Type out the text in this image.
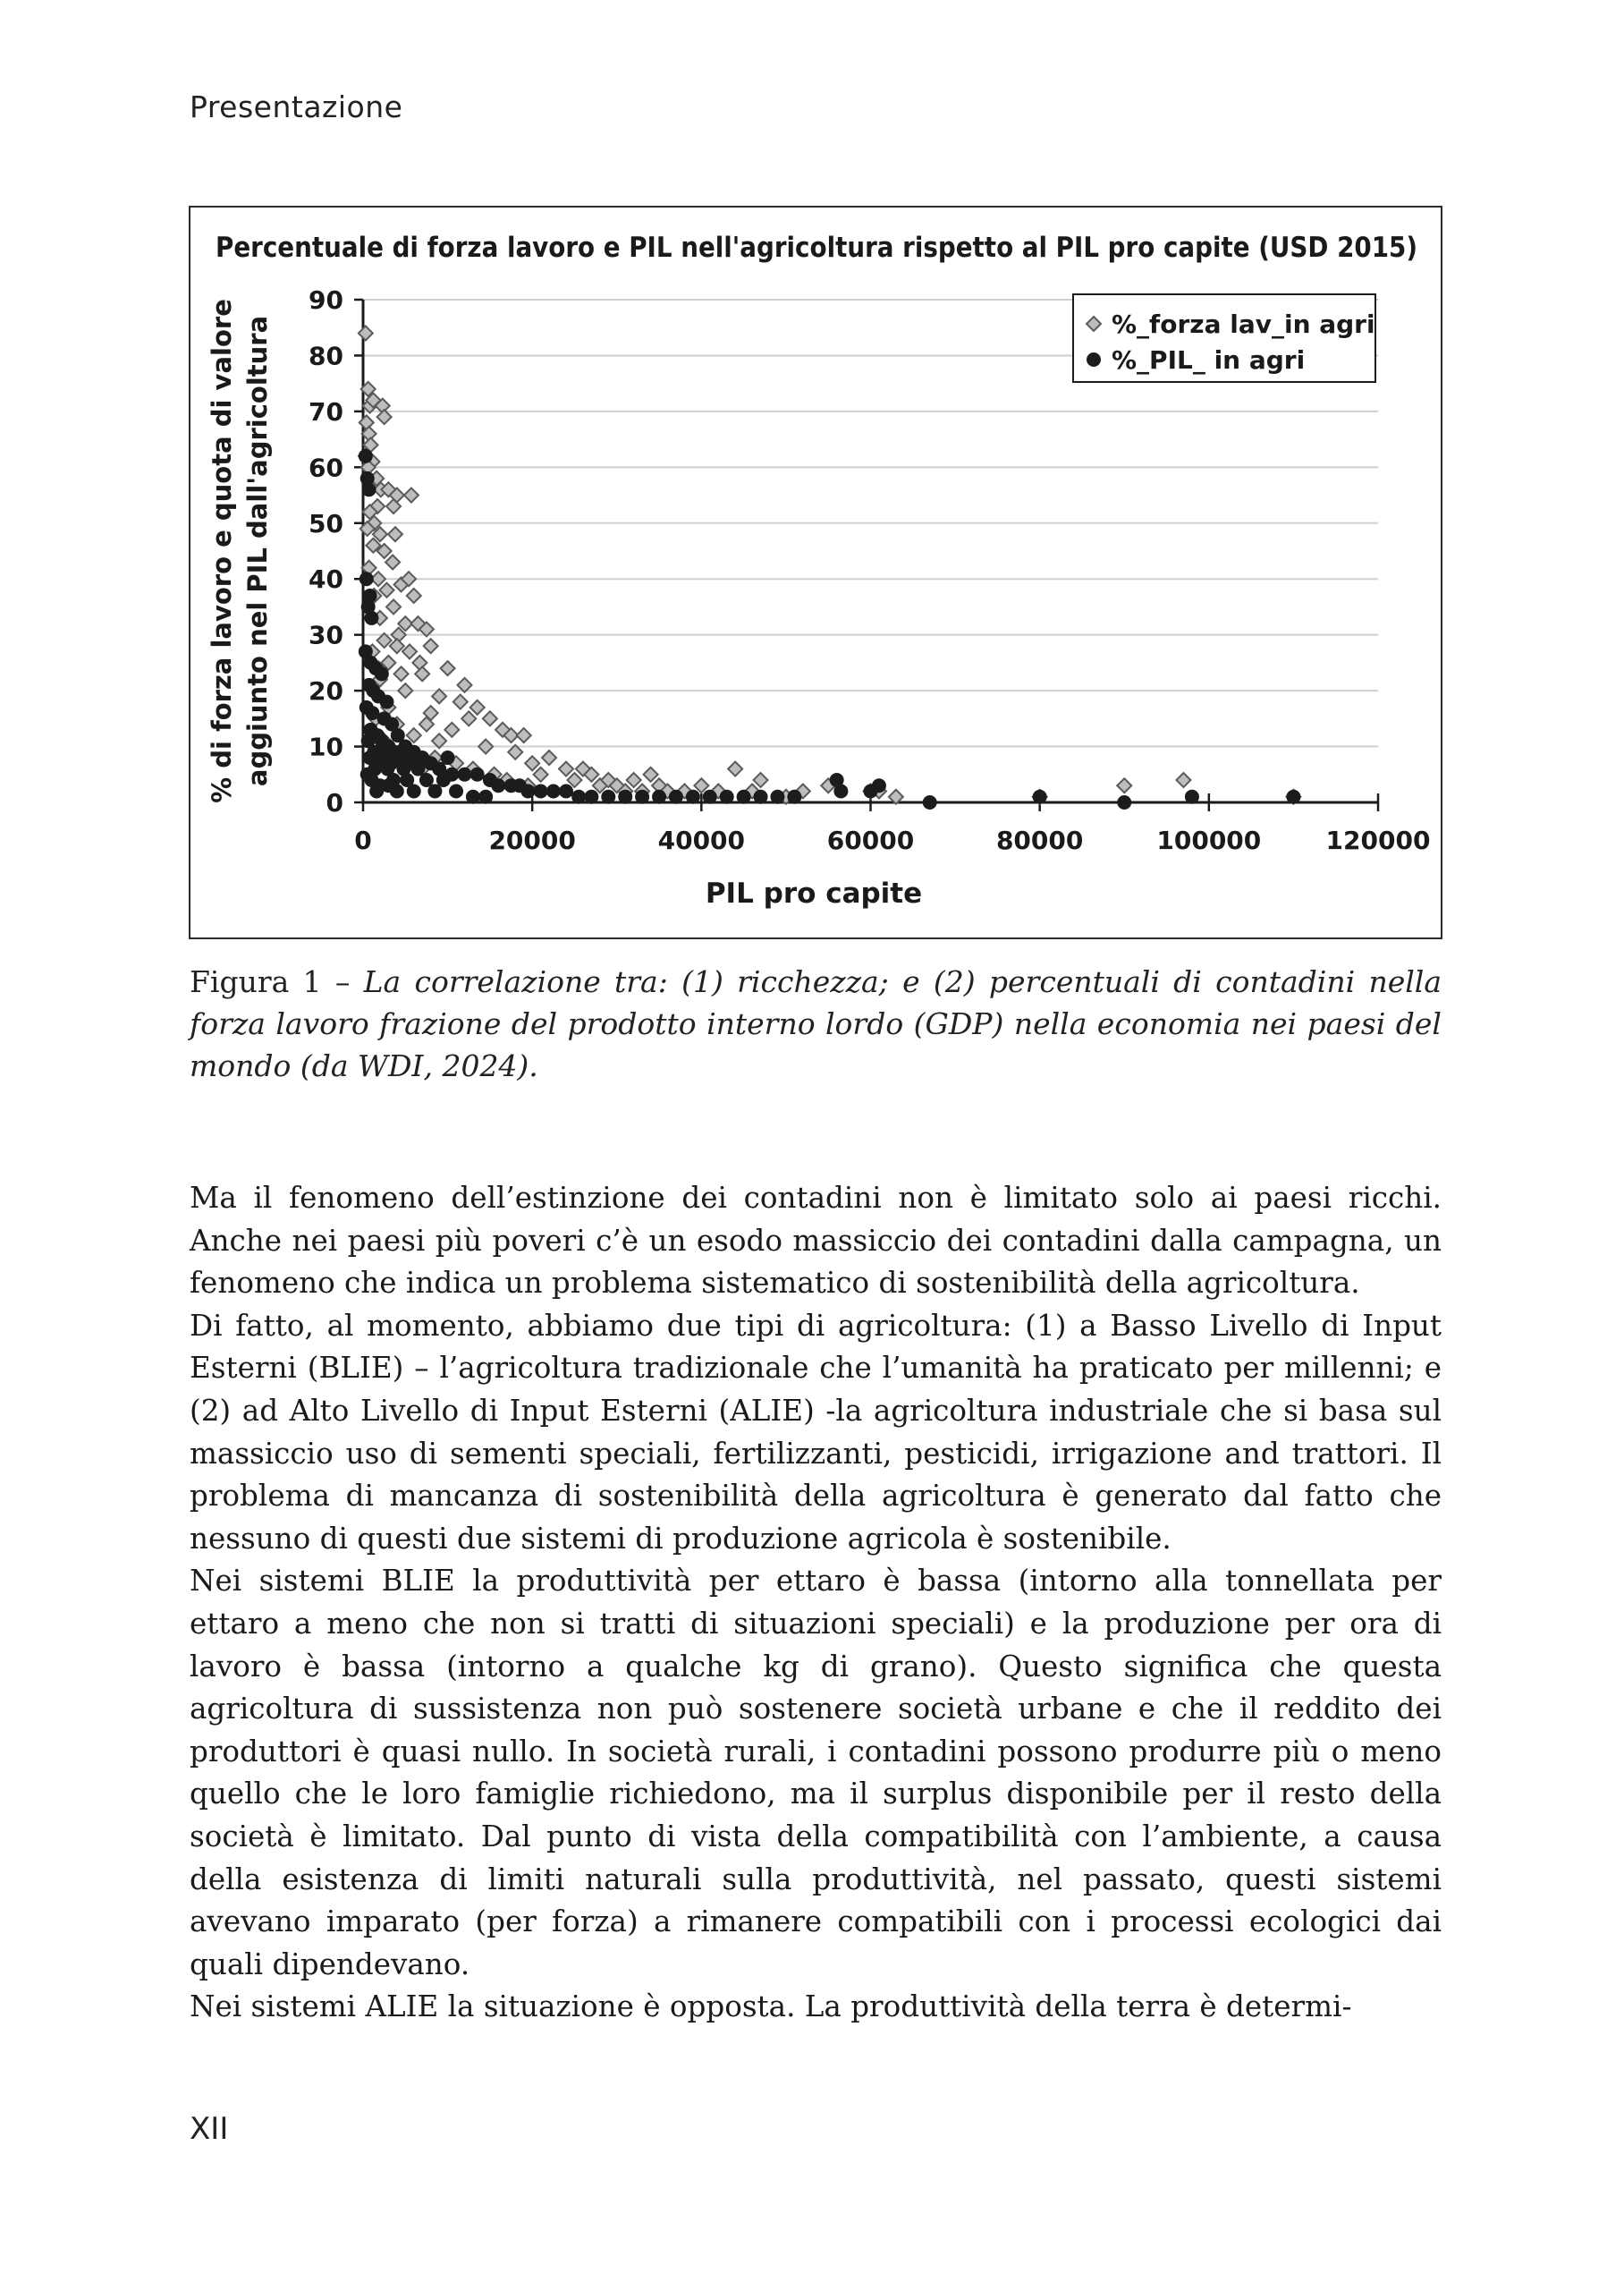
Presentazione
Percentuale di forza lavoro e PIL nell'agricoltura rispetto al PIL pro capite (USD 2015)
0
10
20
30
40
50
60
70
80
90
0	20000	40000	60000	80000	100000	120000
% di forza lavoro e quota di valore aggiunto nel PIL dall'agricoltura
PIL pro capite
%_forza lav_in agri
%_PIL_ in agri
Figura 1 – La correlazione tra: (1) ricchezza; e (2) percentuali di contadini nella forza lavoro frazione del prodotto interno lordo (GDP) nella economia nei paesi del mondo (da WDI, 2024).

Ma il fenomeno dell’estinzione dei contadini non è limitato solo ai paesi ricchi. Anche nei paesi più poveri c’è un esodo massiccio dei contadini dalla campagna, un fenomeno che indica un problema sistematico di sostenibilità della agricoltura.

Di fatto, al momento, abbiamo due tipi di agricoltura: (1) a Basso Livello di Input Esterni (BLIE) – l’agricoltura tradizionale che l’umanità ha praticato per millenni; e (2) ad Alto Livello di Input Esterni (ALIE) -la agricoltura industriale che si basa sul massiccio uso di sementi speciali, fertilizzanti, pesticidi, irrigazione and trattori. Il problema di mancanza di sostenibilità della agricoltura è generato dal fatto che nessuno di questi due sistemi di produzione agricola è sostenibile.

Nei sistemi BLIE la produttività per ettaro è bassa (intorno alla tonnellata per ettaro a meno che non si tratti di situazioni speciali) e la produzione per ora di lavoro è bassa (intorno a qualche kg di grano). Questo significa che questa agricoltura di sussistenza non può sostenere società urbane e che il reddito dei produttori è quasi nullo. In società rurali, i contadini possono produrre più o meno quello che le loro famiglie richiedono, ma il surplus disponibile per il resto della società è limitato. Dal punto di vista della compatibilità con l’ambiente, a causa della esistenza di limiti naturali sulla produttività, nel passato, questi sistemi avevano imparato (per forza) a rimanere compatibili con i processi ecologici dai quali dipendevano.

Nei sistemi ALIE la situazione è opposta. La produttività della terra è determi-

XII
